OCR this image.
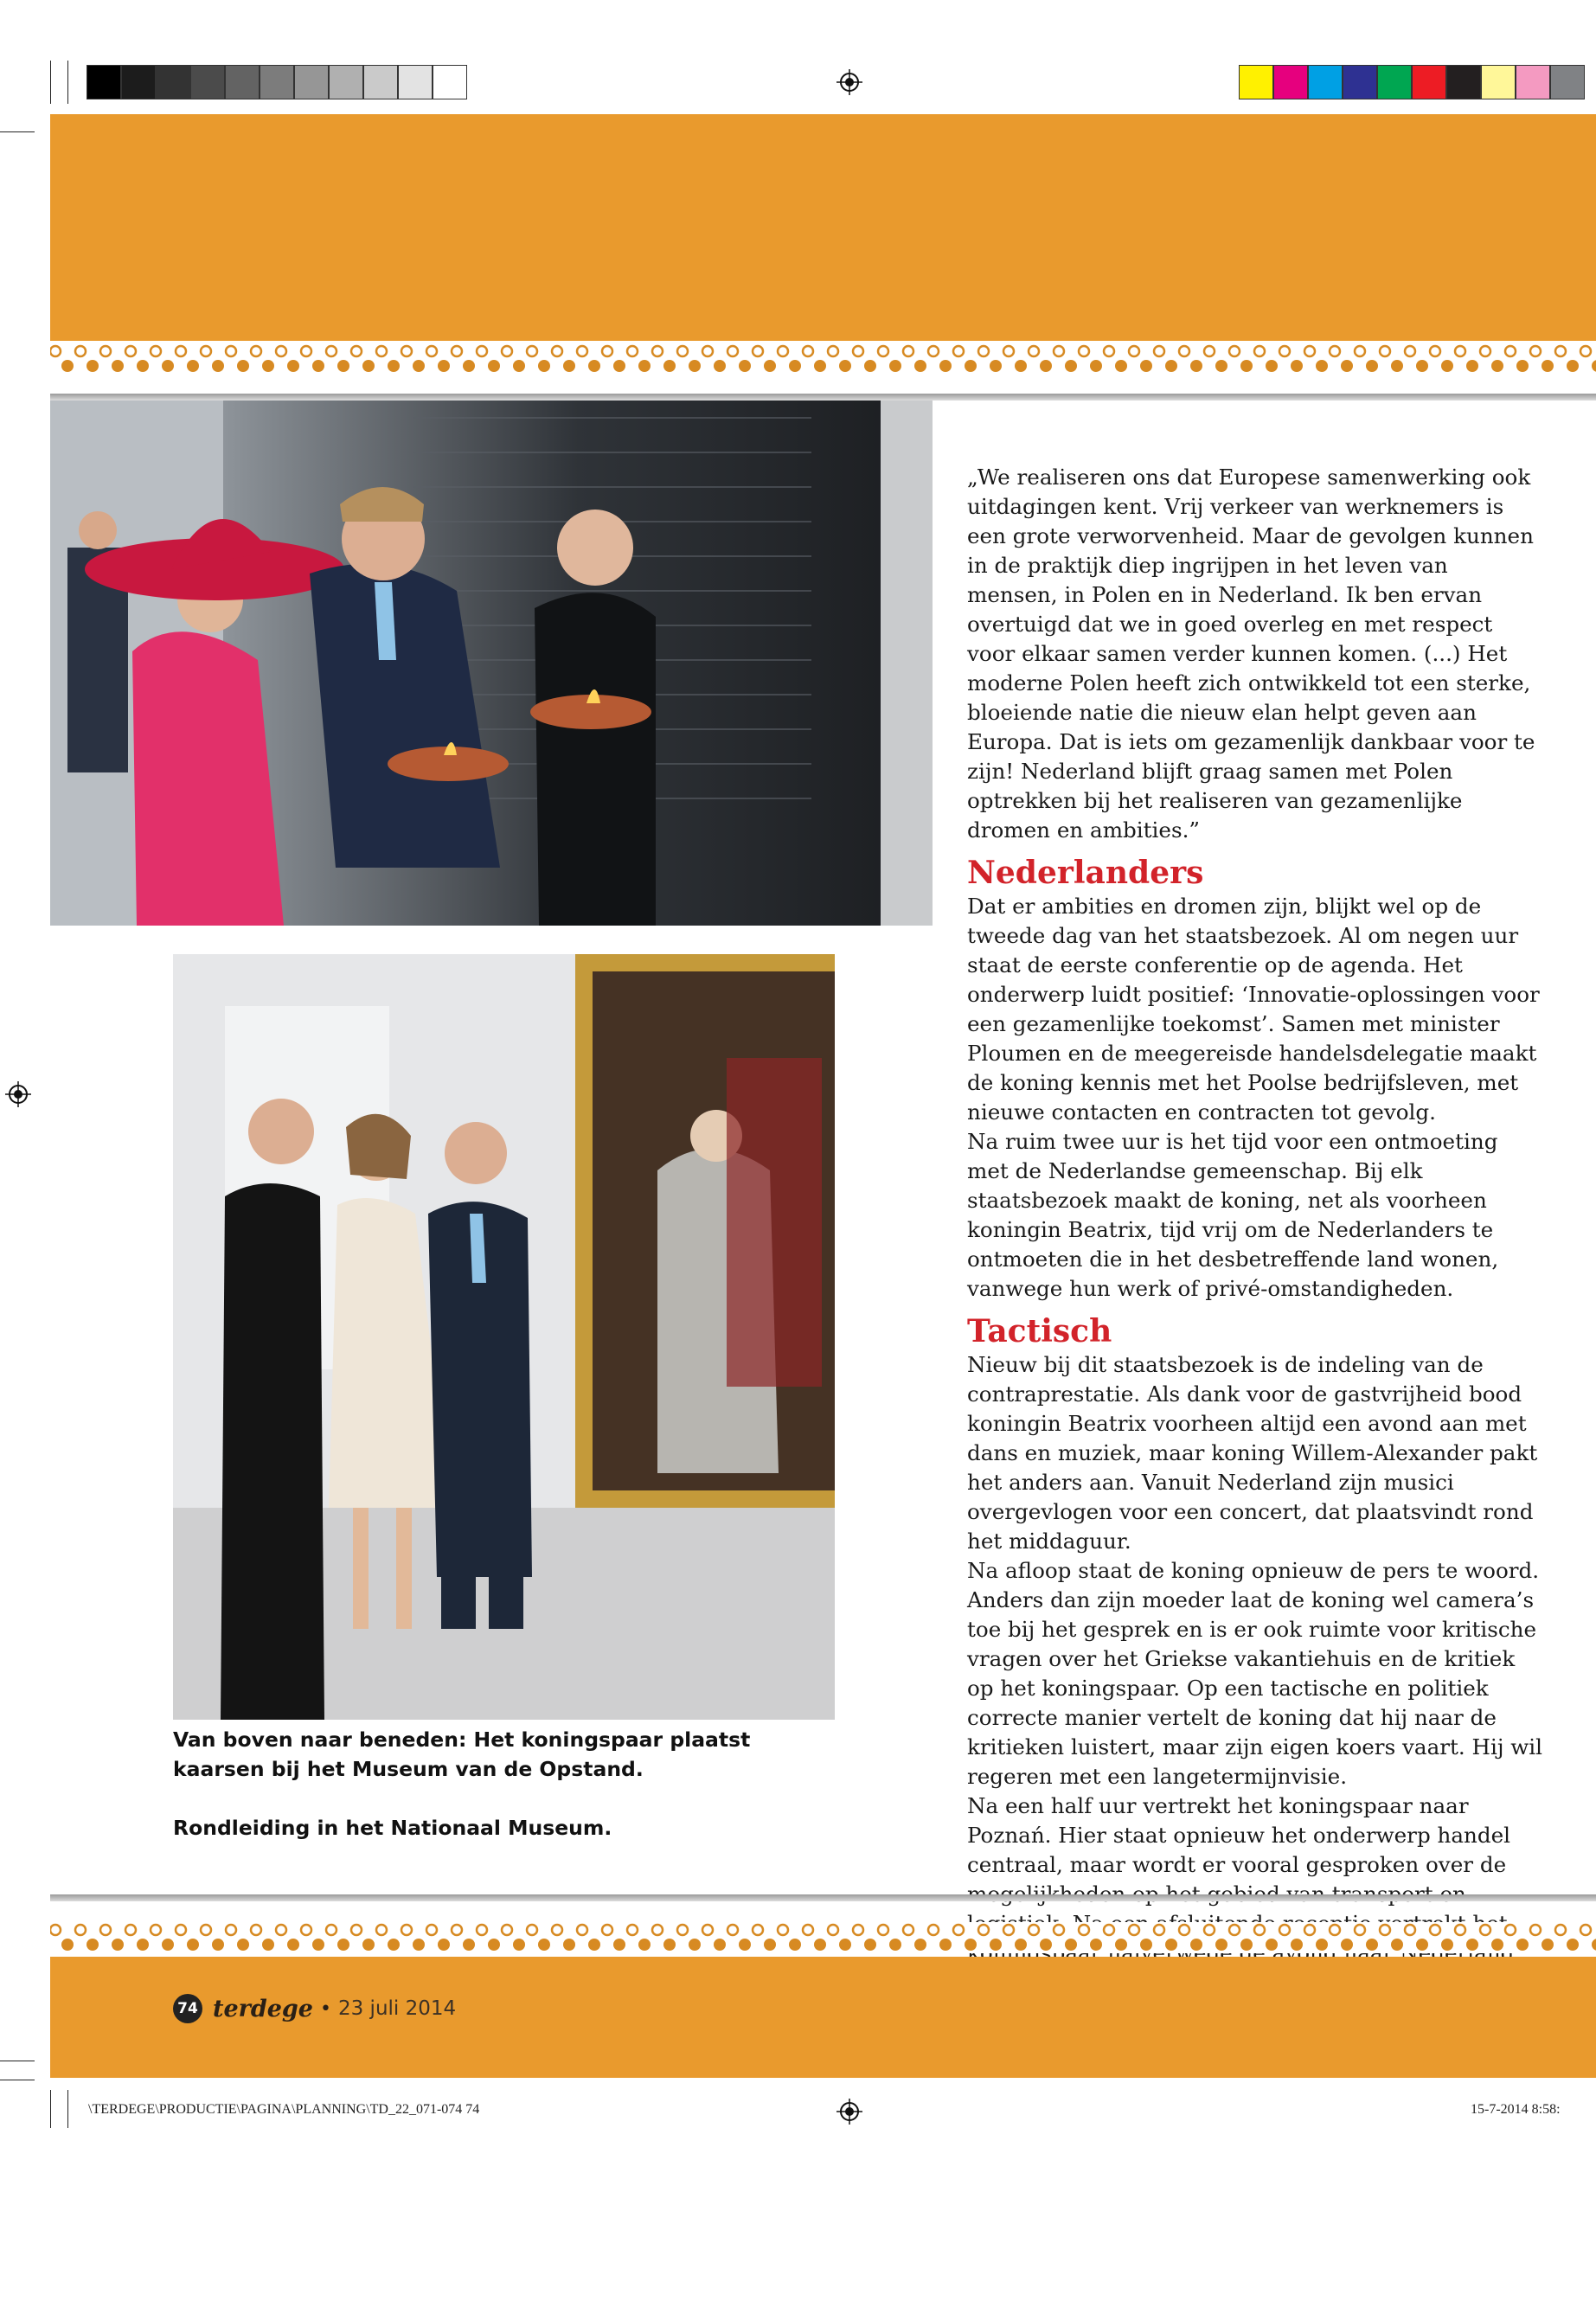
Van boven naar beneden: Het koningspaar plaatst kaarsen bij het Museum van de Opstand.
Rondleiding in het Nationaal Museum.

„We realiseren ons dat Europese samenwerking ook uitdagingen kent. Vrij verkeer van werknemers is een grote verworvenheid. Maar de gevolgen kunnen in de praktijk diep ingrijpen in het leven van mensen, in Polen en in Nederland. Ik ben ervan overtuigd dat we in goed overleg en met respect voor elkaar samen verder kunnen komen. (...) Het moderne Polen heeft zich ontwikkeld tot een sterke, bloeiende natie die nieuw elan helpt geven aan Europa. Dat is iets om gezamenlijk dankbaar voor te zijn! Nederland blijft graag samen met Polen optrekken bij het realiseren van gezamenlijke dromen en ambities.”

Nederlanders

Dat er ambities en dromen zijn, blijkt wel op de tweede dag van het staatsbezoek. Al om negen uur staat de eerste conferentie op de agenda. Het onderwerp luidt positief: ‘Innovatie-oplossingen voor een gezamenlijke toekomst’. Samen met minister Ploumen en de meegereisde handelsdelegatie maakt de koning kennis met het Poolse bedrijfsleven, met nieuwe contacten en contracten tot gevolg.

Na ruim twee uur is het tijd voor een ontmoeting met de Nederlandse gemeenschap. Bij elk staatsbezoek maakt de koning, net als voorheen koningin Beatrix, tijd vrij om de Nederlanders te ontmoeten die in het desbetreffende land wonen, vanwege hun werk of privé-omstandigheden.

Tactisch

Nieuw bij dit staatsbezoek is de indeling van de contraprestatie. Als dank voor de gastvrijheid bood koningin Beatrix voorheen altijd een avond aan met dans en muziek, maar koning Willem-Alexander pakt het anders aan. Vanuit Nederland zijn musici overgevlogen voor een concert, dat plaatsvindt rond het middaguur.

Na afloop staat de koning opnieuw de pers te woord. Anders dan zijn moeder laat de koning wel camera’s toe bij het gesprek en is er ook ruimte voor kritische vragen over het Griekse vakantiehuis en de kritiek op het koningspaar. Op een tactische en politiek correcte manier vertelt de koning dat hij naar de kritieken luistert, maar zijn eigen koers vaart. Hij wil regeren met een langetermijnvisie.

Na een half uur vertrekt het koningspaar naar Poznań. Hier staat opnieuw het onderwerp handel centraal, maar wordt er vooral gesproken over de

74 terdege • 23 juli 2014
\TERDEGE\PRODUCTIE\PAGINA\PLANNING\TD_22_071-074 74	15-7-2014 8:58:
